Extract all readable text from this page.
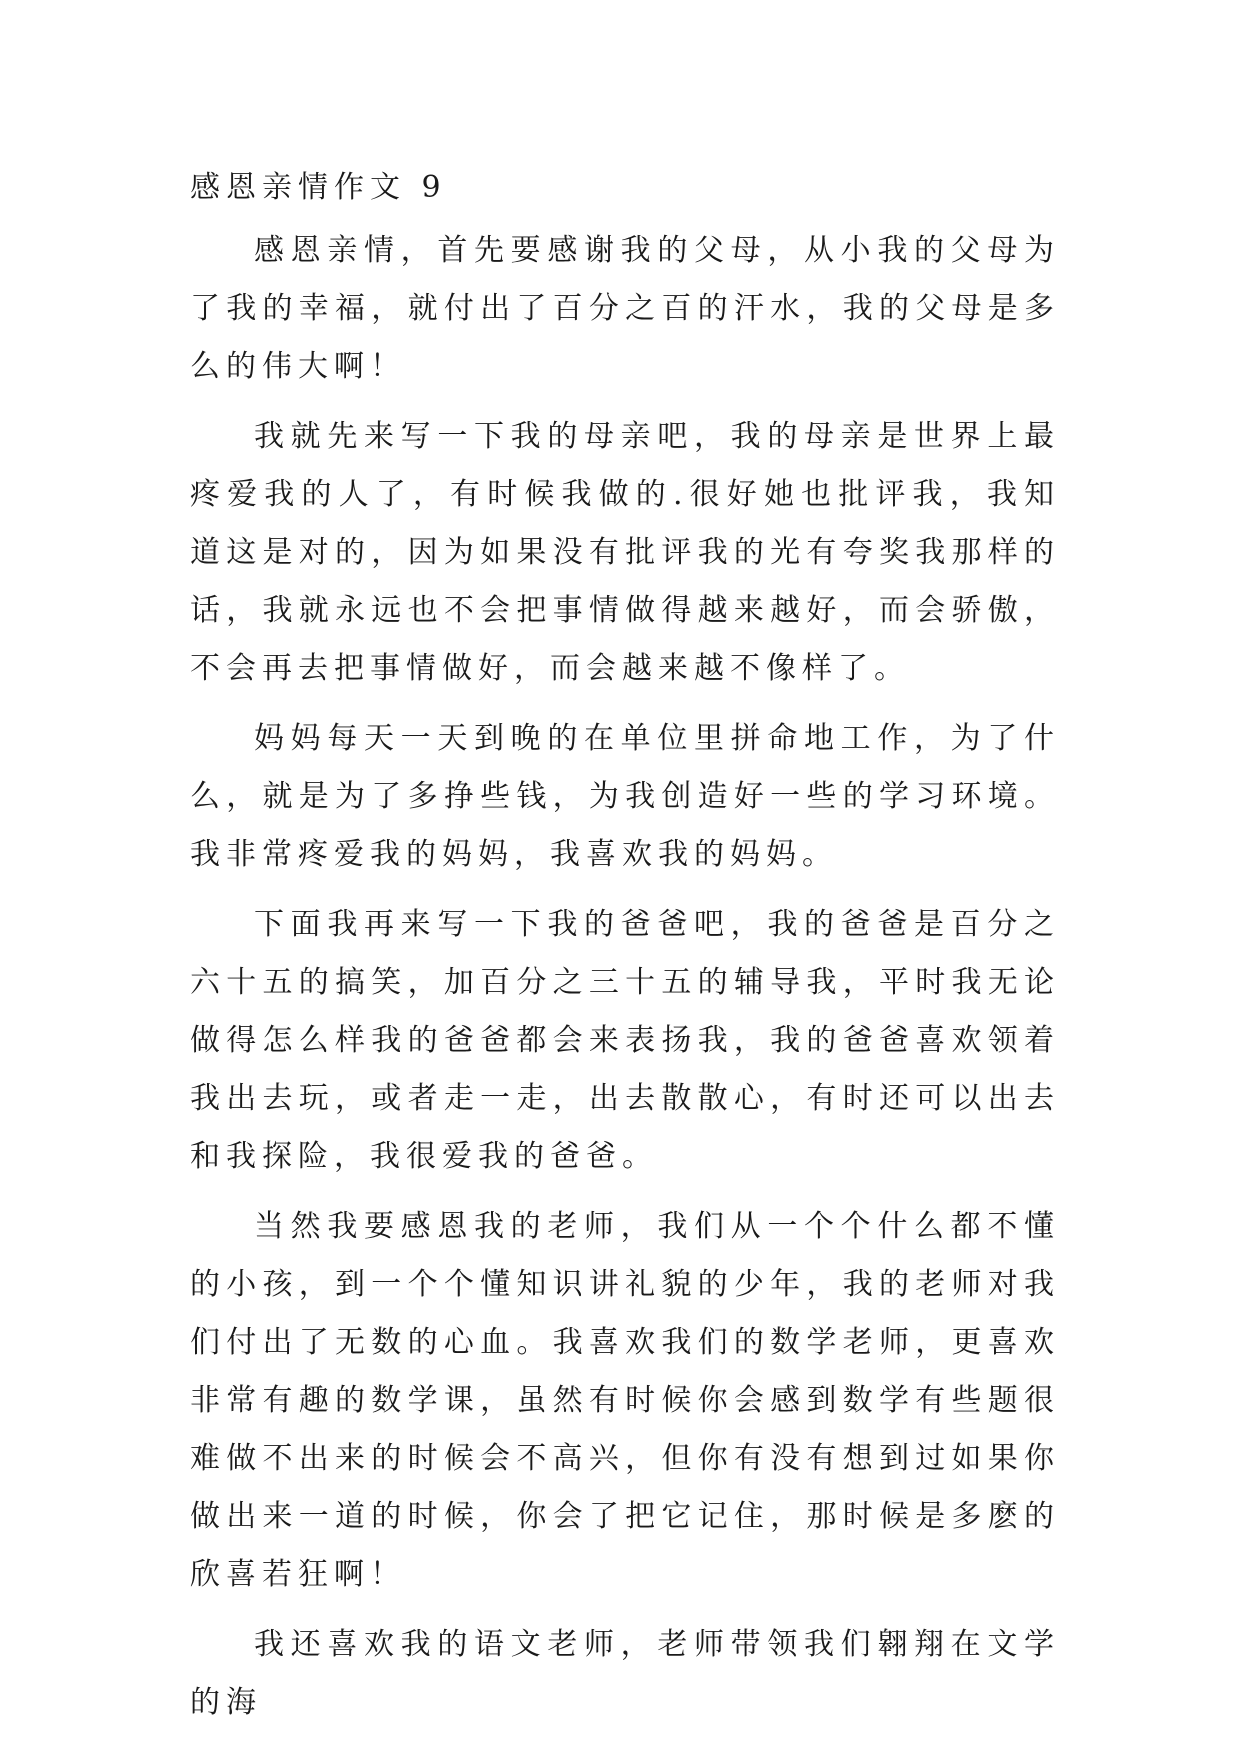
感恩亲情作文 9

感恩亲情，首先要感谢我的父母，从小我的父母为了我的幸福，就付出了百分之百的汗水，我的父母是多么的伟大啊！

我就先来写一下我的母亲吧，我的母亲是世界上最疼爱我的人了，有时候我做的.很好她也批评我，我知道这是对的，因为如果没有批评我的光有夸奖我那样的话，我就永远也不会把事情做得越来越好，而会骄傲，不会再去把事情做好，而会越来越不像样了。

妈妈每天一天到晚的在单位里拼命地工作，为了什么，就是为了多挣些钱，为我创造好一些的学习环境。我非常疼爱我的妈妈，我喜欢我的妈妈。

下面我再来写一下我的爸爸吧，我的爸爸是百分之六十五的搞笑，加百分之三十五的辅导我，平时我无论做得怎么样我的爸爸都会来表扬我，我的爸爸喜欢领着我出去玩，或者走一走，出去散散心，有时还可以出去和我探险，我很爱我的爸爸。

当然我要感恩我的老师，我们从一个个什么都不懂的小孩，到一个个懂知识讲礼貌的少年，我的老师对我们付出了无数的心血。我喜欢我们的数学老师，更喜欢非常有趣的数学课，虽然有时候你会感到数学有些题很难做不出来的时候会不高兴，但你有没有想到过如果你做出来一道的时候，你会了把它记住，那时候是多麽的欣喜若狂啊！

我还喜欢我的语文老师，老师带领我们翱翔在文学的海
